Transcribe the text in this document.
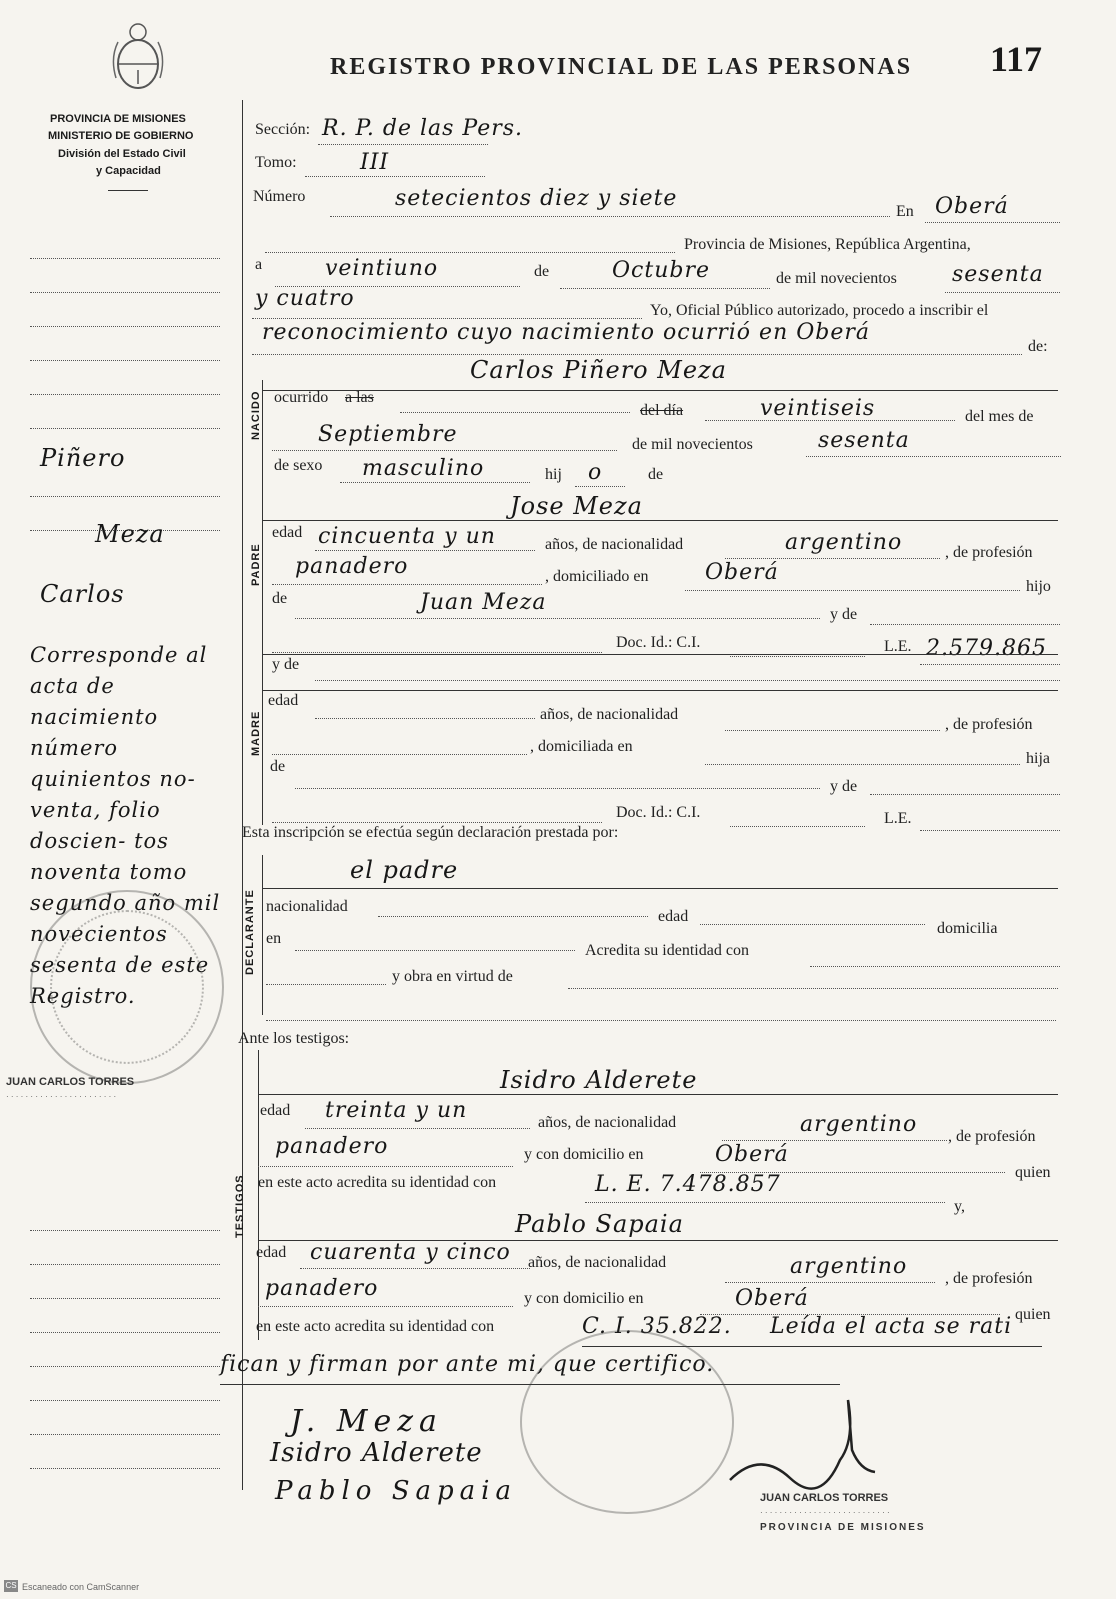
PROVINCIA DE MISIONES
MINISTERIO DE GOBIERNO
División del Estado Civil
y Capacidad
REGISTRO PROVINCIAL DE LAS PERSONAS 117
Piñero
Meza
Carlos
Corresponde al acta de nacimiento número quinientos no- venta, folio doscien- tos noventa tomo segundo año mil novecientos sesenta de este Registro.
Sección: R. P. de las Pers.
Tomo:	III
Número	setecientos diez y siete
En Oberá
Provincia de Misiones, República Argentina,
a	veintiuno	de	Octubre	de mil novecientos	sesenta
y cuatro	Yo, Oficial Público autorizado, procedo a inscribir el
reconocimiento cuyo nacimiento ocurrió en Oberá
de:
NACIDO
Carlos Piñero Meza
ocurrido a las
del día	veintiseis	del mes de
Septiembre	de mil novecientos	sesenta
de sexo masculino	hij o	de
PADRE
Jose Meza
edad cincuenta y un	años, de nacionalidad	argentino	, de profesión
panadero	, domiciliado en	Oberá
hijo
de	Juan Meza	y de
Doc. Id.: C.I.	L.E. 2.579.865
y de
MADRE
edad
años, de nacionalidad
, de profesión
, domiciliada en
hija
de
y de
Doc. Id.: C.I.	L.E.
Esta inscripción se efectúa según declaración prestada por:
el padre
DECLARANTE nacionalidad
edad
domicilia
en
Acredita su identidad con
y obra en virtud de
Ante los testigos:
Isidro Alderete
TESTIGOS
edad treinta y un	años, de nacionalidad	argentino , de profesión
panadero	y con domicilio en	Oberá
quien
en este acto acredita su identidad con	L. E. 7.478.857
y,
Pablo Sapaia
edad cuarenta y cinco años, de nacionalidad	argentino , de profesión
panadero	y con domicilio en	Oberá
quien
en este acto acredita su identidad con	C. I. 35.822. Leída el acta se rati
fican y firman por ante mi, que certifico.
J. Meza
Isidro Alderete
Pablo Sapaia
JUAN CARLOS TORRES
· · · · · · · · · · · · · · · · · · · · · · ·
JUAN CARLOS TORRES
· · · · · · · · · · · · · · · · · · · · · · · · · · ·
PROVINCIA DE MISIONES
CS Escaneado con CamScanner
